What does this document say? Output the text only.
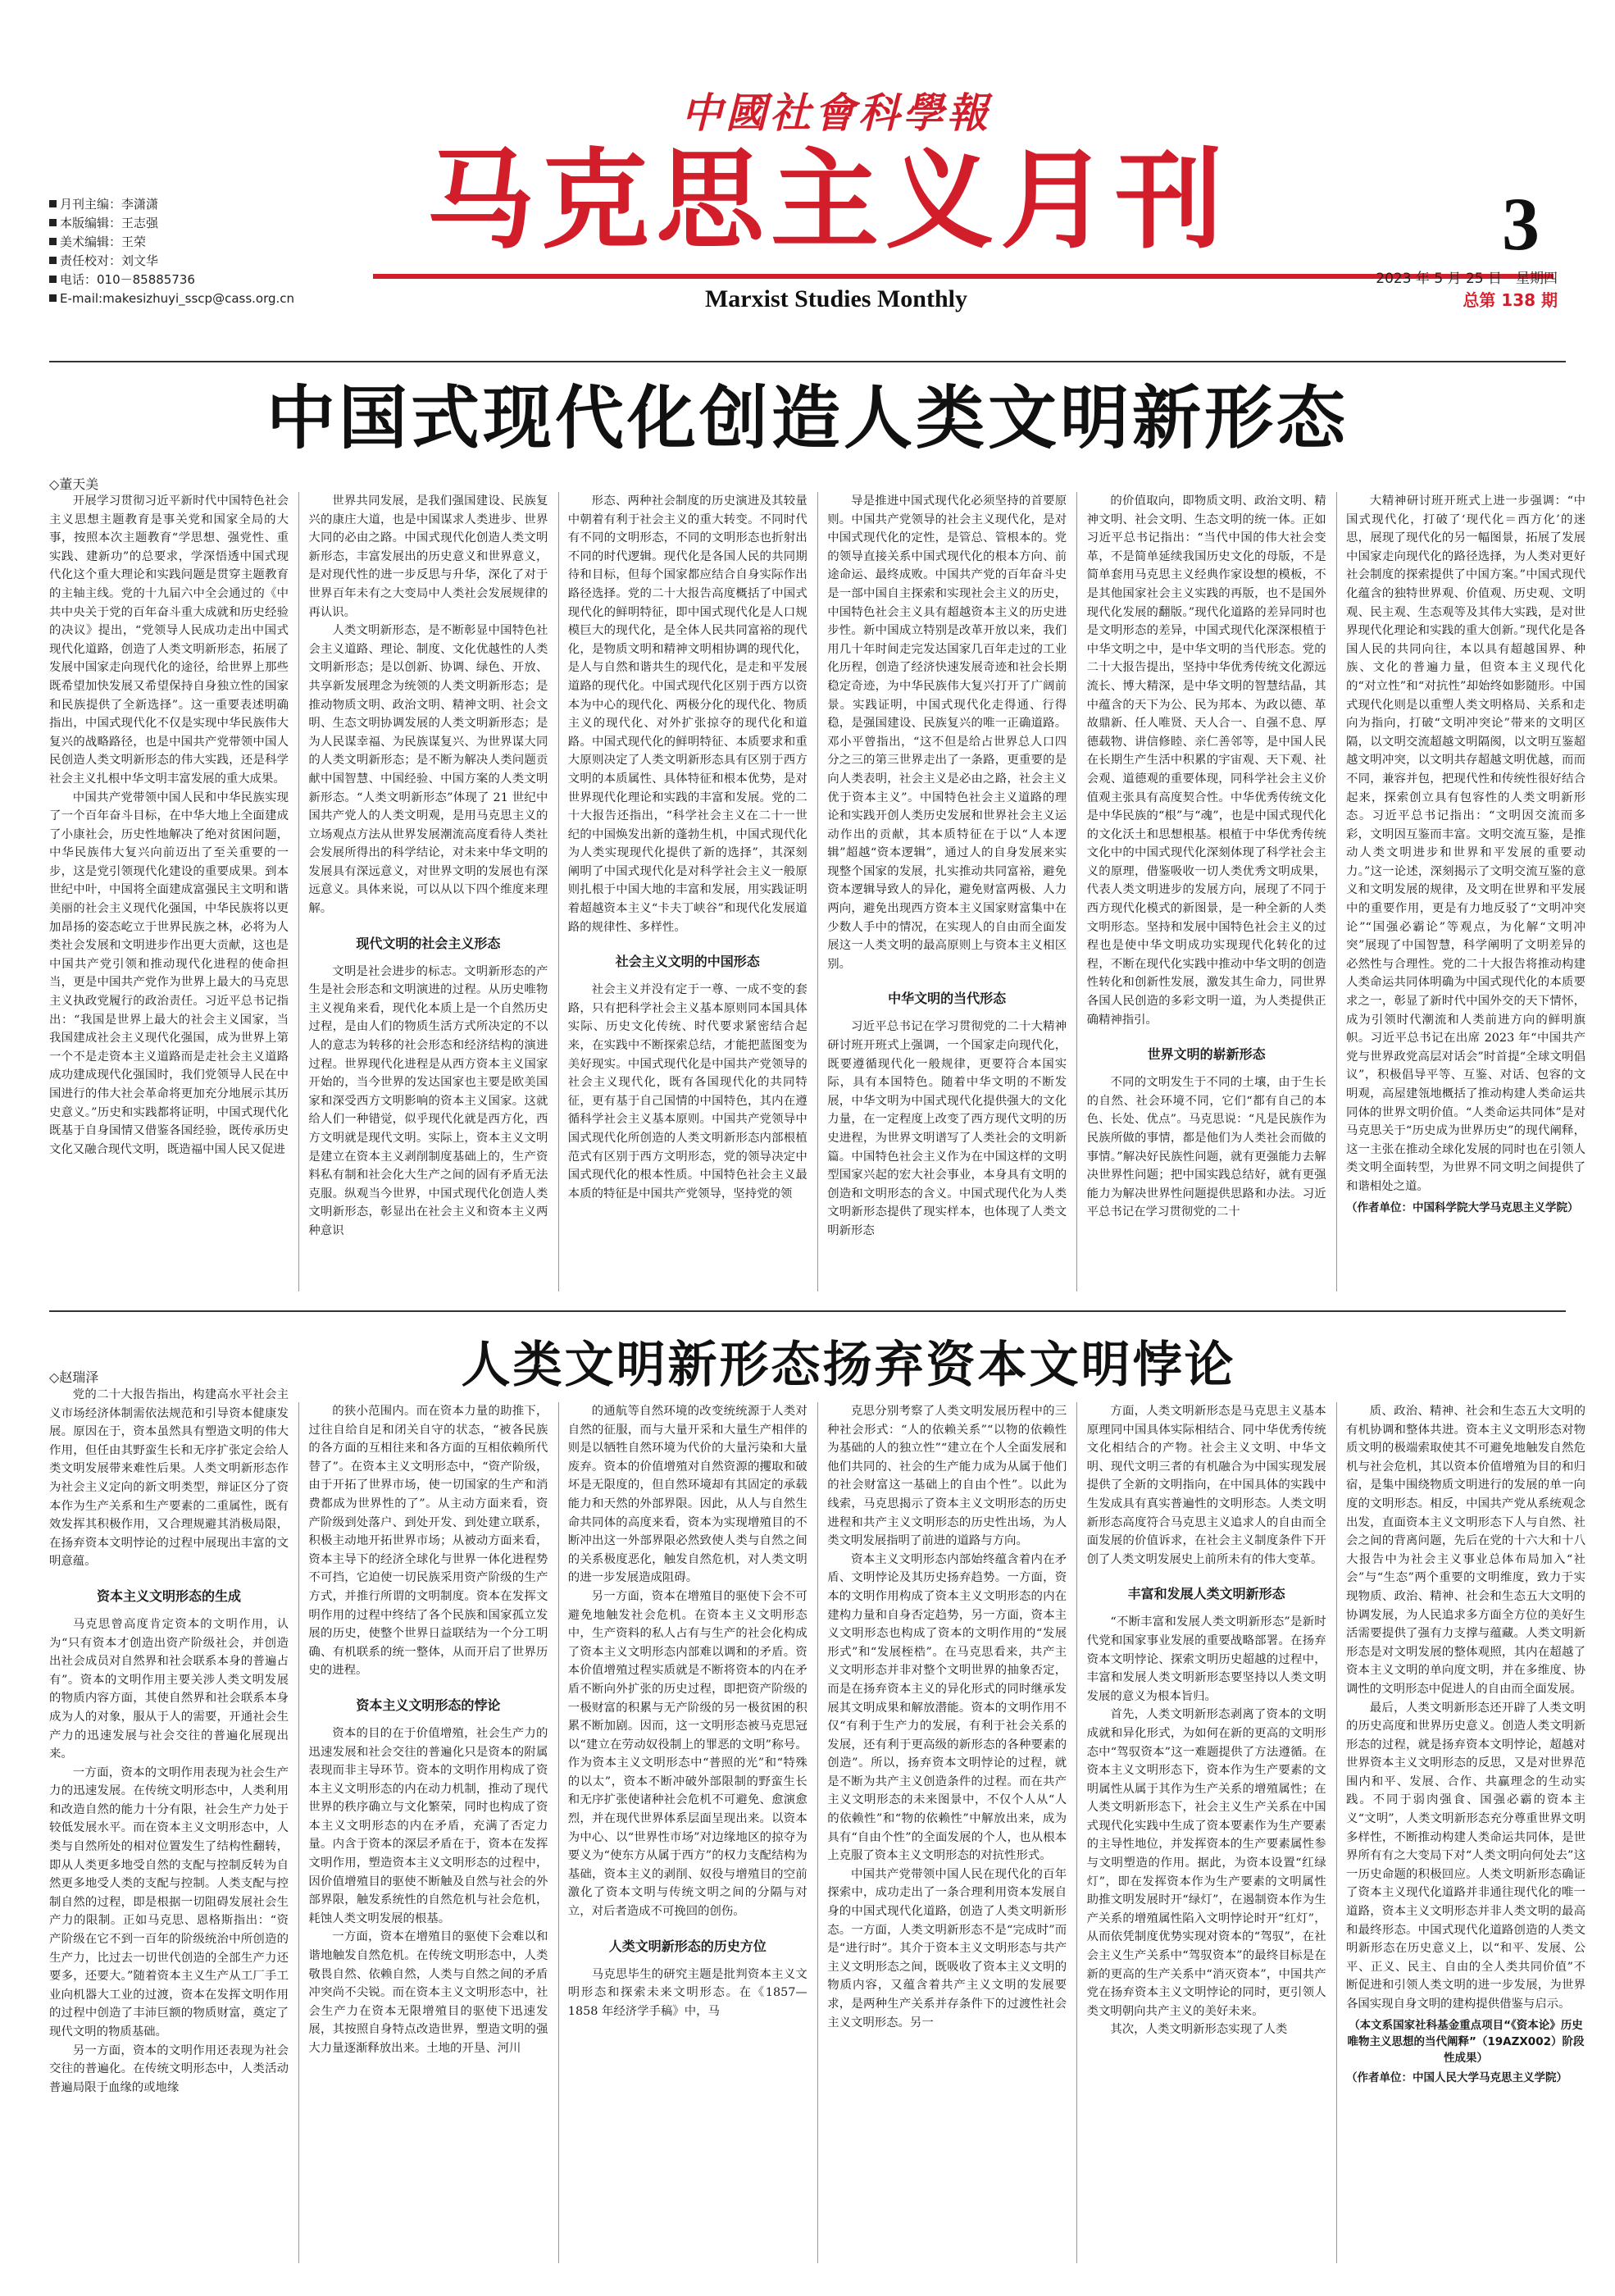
月刊主编：李潇潇
本版编辑：王志强
美术编辑：王荣
责任校对：刘文华
电话：010－85885736
E-mail:makesizhuyi_sscp@cass.org.cn
中國社會科學報
马克思主义月刊	3
Marxist Studies Monthly
2023 年 5 月 25 日　星期四
总第 138 期
中国式现代化创造人类文明新形态
◇董天美

开展学习贯彻习近平新时代中国特色社会主义思想主题教育是事关党和国家全局的大事，按照本次主题教育“学思想、强党性、重实践、建新功”的总要求，学深悟透中国式现代化这个重大理论和实践问题是贯穿主题教育的主轴主线。党的十九届六中全会通过的《中共中央关于党的百年奋斗重大成就和历史经验的决议》提出，“党领导人民成功走出中国式现代化道路，创造了人类文明新形态，拓展了发展中国家走向现代化的途径，给世界上那些既希望加快发展又希望保持自身独立性的国家和民族提供了全新选择”。这一重要表述明确指出，中国式现代化不仅是实现中华民族伟大复兴的战略路径，也是中国共产党带领中国人民创造人类文明新形态的伟大实践，还是科学社会主义扎根中华文明丰富发展的重大成果。

中国共产党带领中国人民和中华民族实现了一个百年奋斗目标，在中华大地上全面建成了小康社会，历史性地解决了绝对贫困问题，中华民族伟大复兴向前迈出了至关重要的一步，这是党引领现代化建设的重要成果。到本世纪中叶，中国将全面建成富强民主文明和谐美丽的社会主义现代化强国，中华民族将以更加昂扬的姿态屹立于世界民族之林，必将为人类社会发展和文明进步作出更大贡献，这也是中国共产党引领和推动现代化进程的使命担当，更是中国共产党作为世界上最大的马克思主义执政党履行的政治责任。习近平总书记指出：“我国是世界上最大的社会主义国家，当我国建成社会主义现代化强国，成为世界上第一个不是走资本主义道路而是走社会主义道路成功建成现代化强国时，我们党领导人民在中国进行的伟大社会革命将更加充分地展示其历史意义。”历史和实践都将证明，中国式现代化既基于自身国情又借鉴各国经验，既传承历史文化又融合现代文明，既造福中国人民又促进

世界共同发展，是我们强国建设、民族复兴的康庄大道，也是中国谋求人类进步、世界大同的必由之路。中国式现代化创造人类文明新形态，丰富发展出的历史意义和世界意义，是对现代性的进一步反思与升华，深化了对于世界百年未有之大变局中人类社会发展规律的再认识。

人类文明新形态，是不断彰显中国特色社会主义道路、理论、制度、文化优越性的人类文明新形态；是以创新、协调、绿色、开放、共享新发展理念为统领的人类文明新形态；是推动物质文明、政治文明、精神文明、社会文明、生态文明协调发展的人类文明新形态；是为人民谋幸福、为民族谋复兴、为世界谋大同的人类文明新形态；是不断为解决人类问题贡献中国智慧、中国经验、中国方案的人类文明新形态。“人类文明新形态”体现了 21 世纪中国共产党人的人类文明观，是用马克思主义的立场观点方法从世界发展潮流高度看待人类社会发展所得出的科学结论，对未来中华文明的发展具有深远意义，对世界文明的发展也有深远意义。具体来说，可以从以下四个维度来理解。

现代文明的社会主义形态

文明是社会进步的标志。文明新形态的产生是社会形态和文明演进的过程。从历史唯物主义视角来看，现代化本质上是一个自然历史过程，是由人们的物质生活方式所决定的不以人的意志为转移的社会形态和经济结构的演进过程。世界现代化进程是从西方资本主义国家开始的，当今世界的发达国家也主要是欧美国家和深受西方文明影响的资本主义国家。这就给人们一种错觉，似乎现代化就是西方化，西方文明就是现代文明。实际上，资本主义文明是建立在资本主义剥削制度基础上的，生产资料私有制和社会化大生产之间的固有矛盾无法克服。纵观当今世界，中国式现代化创造人类文明新形态，彰显出在社会主义和资本主义两种意识

形态、两种社会制度的历史演进及其较量中朝着有利于社会主义的重大转变。不同时代有不同的文明形态，不同的文明形态也折射出不同的时代逻辑。现代化是各国人民的共同期待和目标，但每个国家都应结合自身实际作出路径选择。党的二十大报告高度概括了中国式现代化的鲜明特征，即中国式现代化是人口规模巨大的现代化，是全体人民共同富裕的现代化，是物质文明和精神文明相协调的现代化，是人与自然和谐共生的现代化，是走和平发展道路的现代化。中国式现代化区别于西方以资本为中心的现代化、两极分化的现代化、物质主义的现代化、对外扩张掠夺的现代化和道路。中国式现代化的鲜明特征、本质要求和重大原则决定了人类文明新形态具有区别于西方文明的本质属性、具体特征和根本优势，是对世界现代化理论和实践的丰富和发展。党的二十大报告还指出，“科学社会主义在二十一世纪的中国焕发出新的蓬勃生机，中国式现代化为人类实现现代化提供了新的选择”，其深刻阐明了中国式现代化是对科学社会主义一般原则扎根于中国大地的丰富和发展，用实践证明着超越资本主义“卡夫丁峡谷”和现代化发展道路的规律性、多样性。

社会主义文明的中国形态

社会主义并没有定于一尊、一成不变的套路，只有把科学社会主义基本原则同本国具体实际、历史文化传统、时代要求紧密结合起来，在实践中不断探索总结，才能把蓝图变为美好现实。中国式现代化是中国共产党领导的社会主义现代化，既有各国现代化的共同特征，更有基于自己国情的中国特色，其内在遵循科学社会主义基本原则。中国共产党领导中国式现代化所创造的人类文明新形态内部根植范式有区别于西方文明形态，党的领导决定中国式现代化的根本性质。中国特色社会主义最本质的特征是中国共产党领导，坚持党的领

导是推进中国式现代化必须坚持的首要原则。中国共产党领导的社会主义现代化，是对中国式现代化的定性，是管总、管根本的。党的领导直接关系中国式现代化的根本方向、前途命运、最终成败。中国共产党的百年奋斗史是一部中国自主探索和实现社会主义的历史，中国特色社会主义具有超越资本主义的历史进步性。新中国成立特别是改革开放以来，我们用几十年时间走完发达国家几百年走过的工业化历程，创造了经济快速发展奇迹和社会长期稳定奇迹，为中华民族伟大复兴打开了广阔前景。实践证明，中国式现代化走得通、行得稳，是强国建设、民族复兴的唯一正确道路。邓小平曾指出，“这不但是给占世界总人口四分之三的第三世界走出了一条路，更重要的是向人类表明，社会主义是必由之路，社会主义优于资本主义”。中国特色社会主义道路的理论和实践开创人类历史发展和世界社会主义运动作出的贡献，其本质特征在于以“人本逻辑”超越“资本逻辑”，通过人的自身发展来实现整个国家的发展，扎实推动共同富裕，避免资本逻辑导致人的异化，避免财富两极、人力两向，避免出现西方资本主义国家财富集中在少数人手中的情况，在实现人的自由而全面发展这一人类文明的最高原则上与资本主义相区别。

中华文明的当代形态

习近平总书记在学习贯彻党的二十大精神研讨班开班式上强调，一个国家走向现代化，既要遵循现代化一般规律，更要符合本国实际，具有本国特色。随着中华文明的不断发展，中华文明为中国式现代化提供强大的文化力量，在一定程度上改变了西方现代文明的历史进程，为世界文明谱写了人类社会的文明新篇。中国特色社会主义作为在中国这样的文明型国家兴起的宏大社会事业，本身具有文明的创造和文明形态的含义。中国式现代化为人类文明新形态提供了现实样本，也体现了人类文明新形态

的价值取向，即物质文明、政治文明、精神文明、社会文明、生态文明的统一体。正如习近平总书记指出：“当代中国的伟大社会变革，不是简单延续我国历史文化的母版，不是简单套用马克思主义经典作家设想的模板，不是其他国家社会主义实践的再版，也不是国外现代化发展的翻版。”现代化道路的差异同时也是文明形态的差异，中国式现代化深深根植于中华文明之中，是中华文明的当代形态。党的二十大报告提出，坚持中华优秀传统文化源远流长、博大精深，是中华文明的智慧结晶，其中蕴含的天下为公、民为邦本、为政以德、革故鼎新、任人唯贤、天人合一、自强不息、厚德载物、讲信修睦、亲仁善邻等，是中国人民在长期生产生活中积累的宇宙观、天下观、社会观、道德观的重要体现，同科学社会主义价值观主张具有高度契合性。中华优秀传统文化是中华民族的“根”与“魂”，也是中国式现代化的文化沃土和思想根基。根植于中华优秀传统文化中的中国式现代化深刻体现了科学社会主义的原理，借鉴吸收一切人类优秀文明成果，代表人类文明进步的发展方向，展现了不同于西方现代化模式的新图景，是一种全新的人类文明形态。坚持和发展中国特色社会主义的过程也是使中华文明成功实现现代化转化的过程，不断在现代化实践中推动中华文明的创造性转化和创新性发展，激发其生命力，同世界各国人民创造的多彩文明一道，为人类提供正确精神指引。

世界文明的崭新形态

不同的文明发生于不同的土壤，由于生长的自然、社会环境不同，它们“都有自己的本色、长处、优点”。马克思说：“凡是民族作为民族所做的事情，都是他们为人类社会而做的事情。”解决好民族性问题，就有更强能力去解决世界性问题；把中国实践总结好，就有更强能力为解决世界性问题提供思路和办法。习近平总书记在学习贯彻党的二十

大精神研讨班开班式上进一步强调：“中国式现代化，打破了‘现代化＝西方化’的迷思，展现了现代化的另一幅图景，拓展了发展中国家走向现代化的路径选择，为人类对更好社会制度的探索提供了中国方案。”中国式现代化蕴含的独特世界观、价值观、历史观、文明观、民主观、生态观等及其伟大实践，是对世界现代化理论和实践的重大创新。”现代化是各国人民的共同向往，本以具有超越国界、种族、文化的普遍力量，但资本主义现代化的“对立性”和“对抗性”却始终如影随形。中国式现代化则是以重塑人类文明格局、关系和走向为指向，打破“文明冲突论”带来的文明区隔，以文明交流超越文明隔阂，以文明互鉴超越文明冲突，以文明共存超越文明优越，而而不同，兼容并包，把现代性和传统性很好结合起来，探索创立具有包容性的人类文明新形态。习近平总书记指出：“文明因交流而多彩，文明因互鉴而丰富。文明交流互鉴，是推动人类文明进步和世界和平发展的重要动力。”这一论述，深刻揭示了文明交流互鉴的意义和文明发展的规律，及文明在世界和平发展中的重要作用，更是有力地反驳了“文明冲突论”“国强必霸论”等观点，为化解“文明冲突”展现了中国智慧，科学阐明了文明差异的必然性与合理性。党的二十大报告将推动构建人类命运共同体明确为中国式现代化的本质要求之一，彰显了新时代中国外交的天下情怀，成为引领时代潮流和人类前进方向的鲜明旗帜。习近平总书记在出席 2023 年“中国共产党与世界政党高层对话会”时首提“全球文明倡议”，积极倡导平等、互鉴、对话、包容的文明观，高屋建瓴地概括了推动构建人类命运共同体的世界文明价值。“人类命运共同体”是对马克思关于“历史成为世界历史”的现代阐释，这一主张在推动全球化发展的同时也在引领人类文明全面转型，为世界不同文明之间提供了和谐相处之道。

（作者单位：中国科学院大学马克思主义学院）
人类文明新形态扬弃资本文明悖论
◇赵瑞泽

党的二十大报告指出，构建高水平社会主义市场经济体制需依法规范和引导资本健康发展。原因在于，资本虽然具有塑造文明的伟大作用，但任由其野蛮生长和无序扩张定会给人类文明发展带来难性后果。人类文明新形态作为社会主义定向的新文明类型，辩证区分了资本作为生产关系和生产要素的二重属性，既有效发挥其积极作用，又合理规避其消极局限，在扬弃资本文明悖论的过程中展现出丰富的文明意蕴。

资本主义文明形态的生成

马克思曾高度肯定资本的文明作用，认为“只有资本才创造出资产阶级社会，并创造出社会成员对自然界和社会联系本身的普遍占有”。资本的文明作用主要关涉人类文明发展的物质内容方面，其使自然界和社会联系本身成为人的对象，服从于人的需要，开通社会生产力的迅速发展与社会交往的普遍化展现出来。

一方面，资本的文明作用表现为社会生产力的迅速发展。在传统文明形态中，人类利用和改造自然的能力十分有限，社会生产力处于较低发展水平。而在资本主义文明形态中，人类与自然所处的相对位置发生了结构性翻转，即从人类更多地受自然的支配与控制反转为自然更多地受人类的支配与控制。人类支配与控制自然的过程，即是根据一切阻碍发展社会生产力的限制。正如马克思、恩格斯指出：“资产阶级在它不到一百年的阶级统治中所创造的生产力，比过去一切世代创造的全部生产力还要多，还要大。”随着资本主义生产从工厂手工业向机器大工业的过渡，资本在发挥文明作用的过程中创造了丰沛巨额的物质财富，奠定了现代文明的物质基础。

另一方面，资本的文明作用还表现为社会交往的普遍化。在传统文明形态中，人类活动普遍局限于血缘的或地缘

的狭小范围内。而在资本力量的助推下，过往自给自足和闭关自守的状态，“被各民族的各方面的互相往来和各方面的互相依赖所代替了”。在资本主义文明形态中，“资产阶级，由于开拓了世界市场，使一切国家的生产和消费都成为世界性的了”。从主动方面来看，资产阶级到处落户、到处开发、到处建立联系，积极主动地开拓世界市场；从被动方面来看，资本主导下的经济全球化与世界一体化进程势不可挡，它迫使一切民族采用资产阶级的生产方式，并推行所谓的文明制度。资本在发挥文明作用的过程中终结了各个民族和国家孤立发展的历史，使整个世界日益联结为一个分工明确、有机联系的统一整体，从而开启了世界历史的进程。

资本主义文明形态的悖论

资本的目的在于价值增殖，社会生产力的迅速发展和社会交往的普遍化只是资本的附属表现而非主导环节。资本的文明作用构成了资本主义文明形态的内在动力机制，推动了现代世界的秩序确立与文化繁荣，同时也构成了资本主义文明形态的内在矛盾，充满了否定力量。内含于资本的深层矛盾在于，资本在发挥文明作用，塑造资本主义文明形态的过程中，因价值增殖目的驱使不断触及自然与社会的外部界限，触发系统性的自然危机与社会危机，耗蚀人类文明发展的根基。

一方面，资本在增殖目的驱使下会难以和谐地触发自然危机。在传统文明形态中，人类敬畏自然、依赖自然，人类与自然之间的矛盾冲突尚不尖锐。而在资本主义文明形态中，社会生产力在资本无限增殖目的驱使下迅速发展，其按照自身特点改造世界，塑造文明的强大力量逐渐释放出来。土地的开垦、河川

的通航等自然环境的改变统统源于人类对自然的征服，而与大量开采和大量生产相伴的则是以牺牲自然环境为代价的大量污染和大量废弃。资本的价值增殖对自然资源的攫取和破坏是无限度的，但自然环境却有其固定的承载能力和天然的外部界限。因此，从人与自然生命共同体的高度来看，资本为实现增殖目的不断冲出这一外部界限必然致使人类与自然之间的关系极度恶化，触发自然危机，对人类文明的进一步发展造成阻碍。

另一方面，资本在增殖目的驱使下会不可避免地触发社会危机。在资本主义文明形态中，生产资料的私人占有与生产的社会化构成了资本主义文明形态内部难以调和的矛盾。资本价值增殖过程实质就是不断将资本的内在矛盾不断向外扩张的历史过程，即把资产阶级的一极财富的积累与无产阶级的另一极贫困的积累不断加剧。因而，这一文明形态被马克思冠以“建立在劳动奴役制上的罪恶的文明”称号。作为资本主义文明形态中“普照的光”和“特殊的以太”，资本不断冲破外部限制的野蛮生长和无序扩张使诸种社会危机不可避免、愈演愈烈，并在现代世界体系层面呈现出来。以资本为中心、以“世界性市场”对边缘地区的掠夺为要义为“使东方从属于西方”的权力支配结构为基础，资本主义的剥削、奴役与增殖目的空前激化了资本文明与传统文明之间的分隔与对立，对后者造成不可挽回的创伤。

人类文明新形态的历史方位

马克思毕生的研究主题是批判资本主义文明形态和探索未来文明形态。在《1857—1858 年经济学手稿》中，马

克思分别考察了人类文明发展历程中的三种社会形式：“人的依赖关系”“以物的依赖性为基础的人的独立性”“建立在个人全面发展和他们共同的、社会的生产能力成为从属于他们的社会财富这一基础上的自由个性”。以此为线索，马克思揭示了资本主义文明形态的历史进程和共产主义文明形态的历史性出场，为人类文明发展指明了前进的道路与方向。

资本主义文明形态内部始终蕴含着内在矛盾、文明悖论及其历史扬弃趋势。一方面，资本的文明作用构成了资本主义文明形态的内在建构力量和自身否定趋势，另一方面，资本主义文明形态也构成了资本的文明作用的“发展形式”和“发展桎梏”。在马克思看来，共产主义文明形态并非对整个文明世界的抽象否定，而是在扬弃资本主义的异化形式的同时继承发展其文明成果和解放潜能。资本的文明作用不仅“有利于生产力的发展，有利于社会关系的发展，还有利于更高级的新形态的各种要素的创造”。所以，扬弃资本文明悖论的过程，就是不断为共产主义创造条件的过程。而在共产主义文明形态的未来图景中，不仅个人从“人的依赖性”和“物的依赖性”中解放出来，成为具有“自由个性”的全面发展的个人，也从根本上克服了资本主义文明形态的对抗性形式。

中国共产党带领中国人民在现代化的百年探索中，成功走出了一条合理利用资本发展自身的中国式现代化道路，创造了人类文明新形态。一方面，人类文明新形态不是“完成时”而是“进行时”。其介于资本主义文明形态与共产主义文明形态之间，既吸收了资本主义文明的物质内容，又蕴含着共产主义文明的发展要求，是两种生产关系并存条件下的过渡性社会主义文明形态。另一

方面，人类文明新形态是马克思主义基本原理同中国具体实际相结合、同中华优秀传统文化相结合的产物。社会主义文明、中华文明、现代文明三者的有机融合为中国实现发展提供了全新的文明指向，在中国具体的实践中生发成具有真实普遍性的文明形态。人类文明新形态高度符合马克思主义追求人的自由而全面发展的价值诉求，在社会主义制度条件下开创了人类文明发展史上前所未有的伟大变革。

丰富和发展人类文明新形态

“不断丰富和发展人类文明新形态”是新时代党和国家事业发展的重要战略部署。在扬弃资本文明悖论、探索文明历史超越的过程中，丰富和发展人类文明新形态要坚持以人类文明发展的意义为根本旨归。

首先，人类文明新形态剥离了资本的文明成就和异化形式，为如何在新的更高的文明形态中“驾驭资本”这一难题提供了方法遵循。在资本主义文明形态下，资本作为生产要素的文明属性从属于其作为生产关系的增殖属性；在人类文明新形态下，社会主义生产关系在中国式现代化实践中生成了资本要素作为生产要素的主导性地位，并发挥资本的生产要素属性参与文明塑造的作用。据此，为资本设置“红绿灯”，即在发挥资本作为生产要素的文明属性助推文明发展时开“绿灯”，在遏制资本作为生产关系的增殖属性陷入文明悖论时开“红灯”，从而依凭制度优势实现对资本的“驾驭”，在社会主义生产关系中“驾驭资本”的最终目标是在新的更高的生产关系中“消灭资本”，中国共产党在扬弃资本主义文明悖论的同时，更引领人类文明朝向共产主义的美好未来。

其次，人类文明新形态实现了人类

质、政治、精神、社会和生态五大文明的有机协调和整体共进。资本主义文明形态对物质文明的极端索取使其不可避免地触发自然危机与社会危机，其以资本价值增殖为目的和归宿，是集中围绕物质文明进行的发展的单一向度的文明形态。相反，中国共产党从系统观念出发，直面资本主义文明形态下人与自然、社会之间的背离问题，先后在党的十六大和十八大报告中为社会主义事业总体布局加入“社会”与“生态”两个重要的文明维度，致力于实现物质、政治、精神、社会和生态五大文明的协调发展，为人民追求多方面全方位的美好生活需要提供了强有力支撑与蕴藏。人类文明新形态是对文明发展的整体观照，其内在超越了资本主义文明的单向度文明，并在多维度、协调性的文明形态中促进人的自由而全面发展。

最后，人类文明新形态还开辟了人类文明的历史高度和世界历史意义。创造人类文明新形态的过程，就是扬弃资本文明悖论，超越对世界资本主义文明形态的反思，又是对世界范围内和平、发展、合作、共赢理念的生动实践。不同于弱肉强食、国强必霸的资本主义“文明”，人类文明新形态充分尊重世界文明多样性，不断推动构建人类命运共同体，是世界所有有之大变局下对“人类文明向何处去”这一历史命题的积极回应。人类文明新形态确证了资本主义现代化道路并非通往现代化的唯一道路，资本主义文明形态并非人类文明的最高和最终形态。中国式现代化道路创造的人类文明新形态在历史意义上，以“和平、发展、公平、正义、民主、自由的全人类共同价值”不断促进和引领人类文明的进一步发展，为世界各国实现自身文明的建构提供借鉴与启示。

（本文系国家社科基金重点项目“《资本论》历史唯物主义思想的当代阐释”（19AZX002）阶段性成果）
（作者单位：中国人民大学马克思主义学院）
